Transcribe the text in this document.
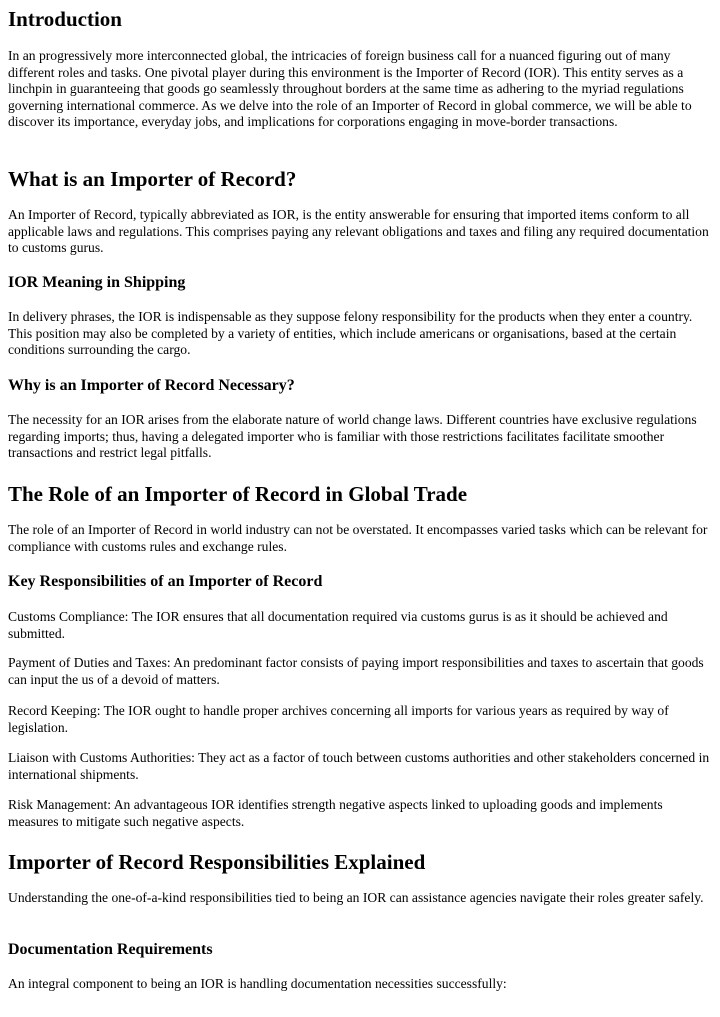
Introduction

In an progressively more interconnected global, the intricacies of foreign business call for a nuanced figuring out of many different roles and tasks. One pivotal player during this environment is the Importer of Record (IOR). This entity serves as a linchpin in guaranteeing that goods go seamlessly throughout borders at the same time as adhering to the myriad regulations governing international commerce. As we delve into the role of an Importer of Record in global commerce, we will be able to discover its importance, everyday jobs, and implications for corporations engaging in move-border transactions.

What is an Importer of Record?

An Importer of Record, typically abbreviated as IOR, is the entity answerable for ensuring that imported items conform to all applicable laws and regulations. This comprises paying any relevant obligations and taxes and filing any required documentation to customs gurus.

IOR Meaning in Shipping

In delivery phrases, the IOR is indispensable as they suppose felony responsibility for the products when they enter a country. This position may also be completed by a variety of entities, which include americans or organisations, based at the certain conditions surrounding the cargo.

Why is an Importer of Record Necessary?

The necessity for an IOR arises from the elaborate nature of world change laws. Different countries have exclusive regulations regarding imports; thus, having a delegated importer who is familiar with those restrictions facilitates facilitate smoother transactions and restrict legal pitfalls.

The Role of an Importer of Record in Global Trade

The role of an Importer of Record in world industry can not be overstated. It encompasses varied tasks which can be relevant for compliance with customs rules and exchange rules.

Key Responsibilities of an Importer of Record

Customs Compliance: The IOR ensures that all documentation required via customs gurus is as it should be achieved and submitted.

Payment of Duties and Taxes: An predominant factor consists of paying import responsibilities and taxes to ascertain that goods can input the us of a devoid of matters.

Record Keeping: The IOR ought to handle proper archives concerning all imports for various years as required by way of legislation.

Liaison with Customs Authorities: They act as a factor of touch between customs authorities and other stakeholders concerned in international shipments.

Risk Management: An advantageous IOR identifies strength negative aspects linked to uploading goods and implements measures to mitigate such negative aspects.

Importer of Record Responsibilities Explained

Understanding the one-of-a-kind responsibilities tied to being an IOR can assistance agencies navigate their roles greater safely.

Documentation Requirements

An integral component to being an IOR is handling documentation necessities successfully:
